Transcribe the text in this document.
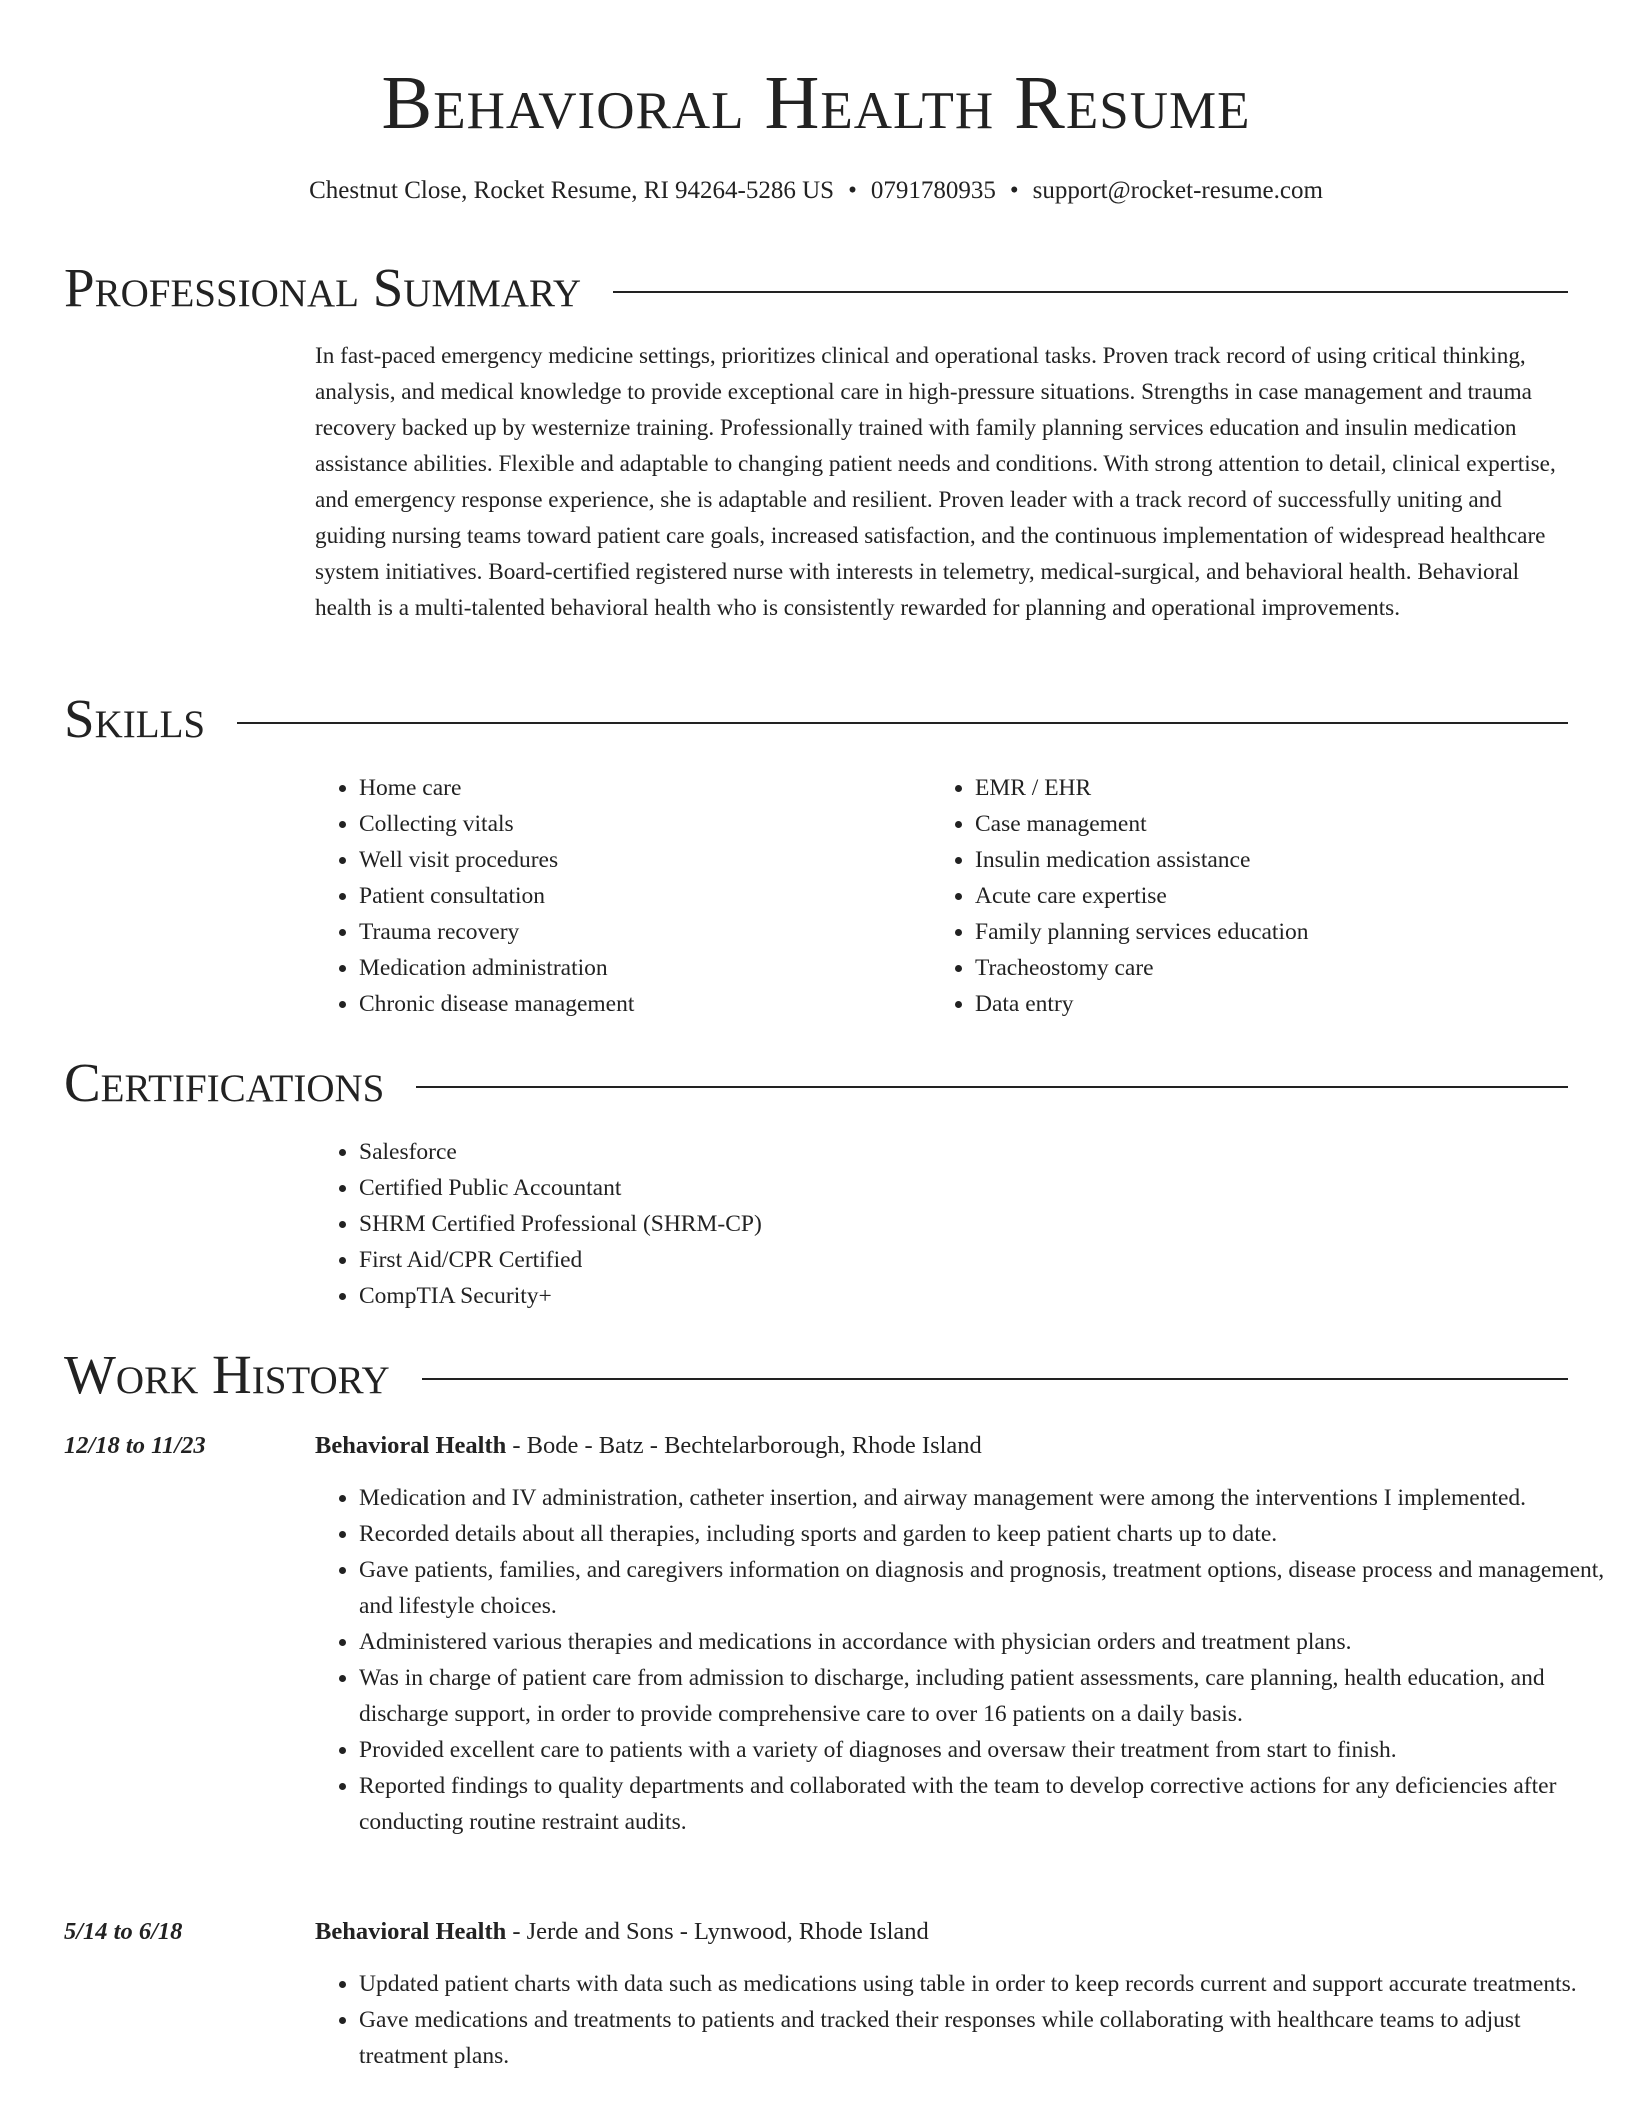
Behavioral Health Resume
Chestnut Close, Rocket Resume, RI 94264-5286 US • 0791780935 • support@rocket-resume.com
Professional Summary

In fast-paced emergency medicine settings, prioritizes clinical and operational tasks. Proven track record of using critical thinking, analysis, and medical knowledge to provide exceptional care in high-pressure situations. Strengths in case management and trauma recovery backed up by westernize training. Professionally trained with family planning services education and insulin medication assistance abilities. Flexible and adaptable to changing patient needs and conditions. With strong attention to detail, clinical expertise, and emergency response experience, she is adaptable and resilient. Proven leader with a track record of successfully uniting and guiding nursing teams toward patient care goals, increased satisfaction, and the continuous implementation of widespread healthcare system initiatives. Board-certified registered nurse with interests in telemetry, medical-surgical, and behavioral health. Behavioral health is a multi-talented behavioral health who is consistently rewarded for planning and operational improvements.

Skills
• Home care
• Collecting vitals
• Well visit procedures
• Patient consultation
• Trauma recovery
• Medication administration
• Chronic disease management
• EMR / EHR
• Case management
• Insulin medication assistance
• Acute care expertise
• Family planning services education
• Tracheostomy care
• Data entry
Certifications
• Salesforce
• Certified Public Accountant
• SHRM Certified Professional (SHRM-CP)
• First Aid/CPR Certified
• CompTIA Security+
Work History
12/18 to 11/23	Behavioral Health - Bode - Batz - Bechtelarborough, Rhode Island
• Medication and IV administration, catheter insertion, and airway management were among the interventions I implemented.
• Recorded details about all therapies, including sports and garden to keep patient charts up to date.
• Gave patients, families, and caregivers information on diagnosis and prognosis, treatment options, disease process and management, and lifestyle choices.
• Administered various therapies and medications in accordance with physician orders and treatment plans.
• Was in charge of patient care from admission to discharge, including patient assessments, care planning, health education, and discharge support, in order to provide comprehensive care to over 16 patients on a daily basis.
• Provided excellent care to patients with a variety of diagnoses and oversaw their treatment from start to finish.
• Reported findings to quality departments and collaborated with the team to develop corrective actions for any deficiencies after conducting routine restraint audits.
5/14 to 6/18	Behavioral Health - Jerde and Sons - Lynwood, Rhode Island
• Updated patient charts with data such as medications using table in order to keep records current and support accurate treatments.
• Gave medications and treatments to patients and tracked their responses while collaborating with healthcare teams to adjust treatment plans.
